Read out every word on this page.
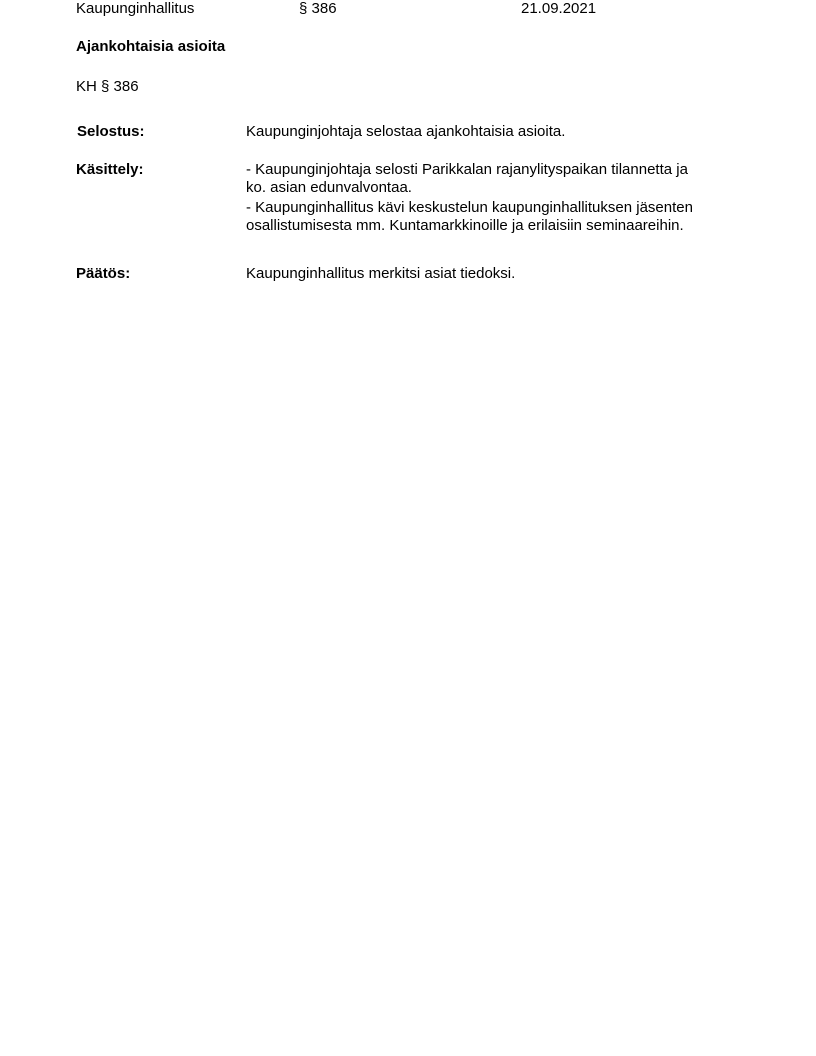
Kaupunginhallitus	§ 386	21.09.2021
Ajankohtaisia asioita
KH § 386
Selostus:	Kaupunginjohtaja selostaa ajankohtaisia asioita.
Käsittely:	- Kaupunginjohtaja selosti Parikkalan rajanylityspaikan tilannetta ja
ko. asian edunvalvontaa.
- Kaupunginhallitus kävi keskustelun kaupunginhallituksen jäsenten
osallistumisesta mm. Kuntamarkkinoille ja erilaisiin seminaareihin.
Päätös:	Kaupunginhallitus merkitsi asiat tiedoksi.
